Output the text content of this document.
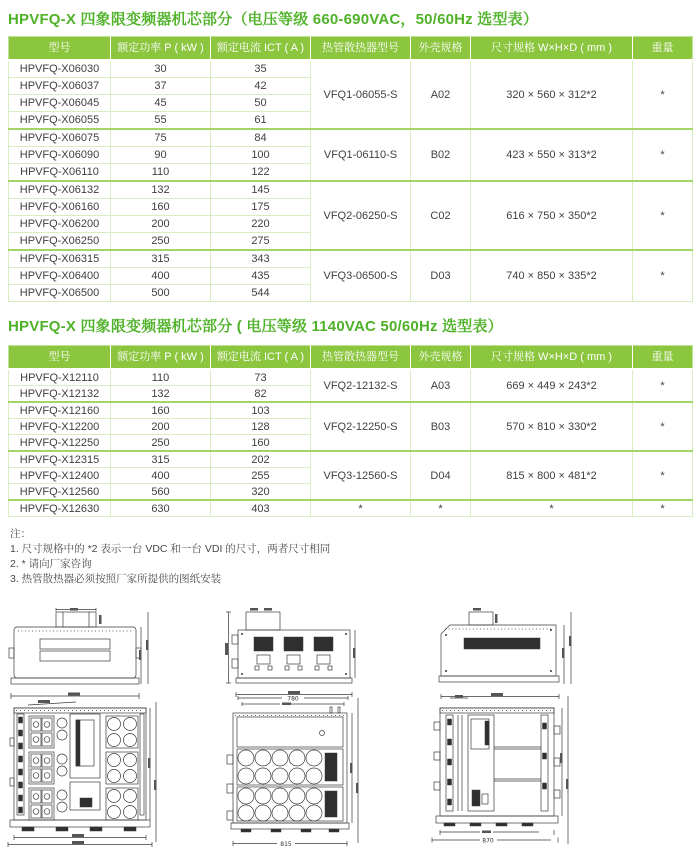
HPVFQ-X 四象限变频器机芯部分（电压等级 660-690VAC，50/60Hz 选型表）
型号	额定功率 P ( kW )	额定电流 ICT ( A )	热管散热器型号	外壳规格	尺寸规格 W×H×D ( mm )	重量
HPVFQ-X06030	30	35	VFQ1-06055-S	A02	320 × 560 × 312*2	*
HPVFQ-X06037	37	42				
HPVFQ-X06045	45	50				
HPVFQ-X06055	55	61				
HPVFQ-X06075	75	84	VFQ1-06110-S	B02	423 × 550 × 313*2	*
HPVFQ-X06090	90	100				
HPVFQ-X06110	110	122				
HPVFQ-X06132	132	145	VFQ2-06250-S	C02	616 × 750 × 350*2	*
HPVFQ-X06160	160	175				
HPVFQ-X06200	200	220				
HPVFQ-X06250	250	275				
HPVFQ-X06315	315	343	VFQ3-06500-S	D03	740 × 850 × 335*2	*
HPVFQ-X06400	400	435				
HPVFQ-X06500	500	544				
HPVFQ-X 四象限变频器机芯部分 ( 电压等级 1140VAC 50/60Hz 选型表）
型号	额定功率 P ( kW )	额定电流 ICT ( A )	热管散热器型号	外壳规格	尺寸规格 W×H×D ( mm )	重量
HPVFQ-X12110	110	73	VFQ2-12132-S	A03	669 × 449 × 243*2	*
HPVFQ-X12132	132	82				
HPVFQ-X12160	160	103	VFQ2-12250-S	B03	570 × 810 × 330*2	*
HPVFQ-X12200	200	128				
HPVFQ-X12250	250	160				
HPVFQ-X12315	315	202	VFQ3-12560-S	D04	815 × 800 × 481*2	*
HPVFQ-X12400	400	255				
HPVFQ-X12560	560	320				
HPVFQ-X12630	630	403	*	*	*	*
注：
1. 尺寸规格中的 *2 表示一台 VDC 和一台 VDI 的尺寸，两者尺寸相同
2. * 请向厂家咨询
3. 热管散热器必须按照厂家所提供的图纸安装
780
815	870
